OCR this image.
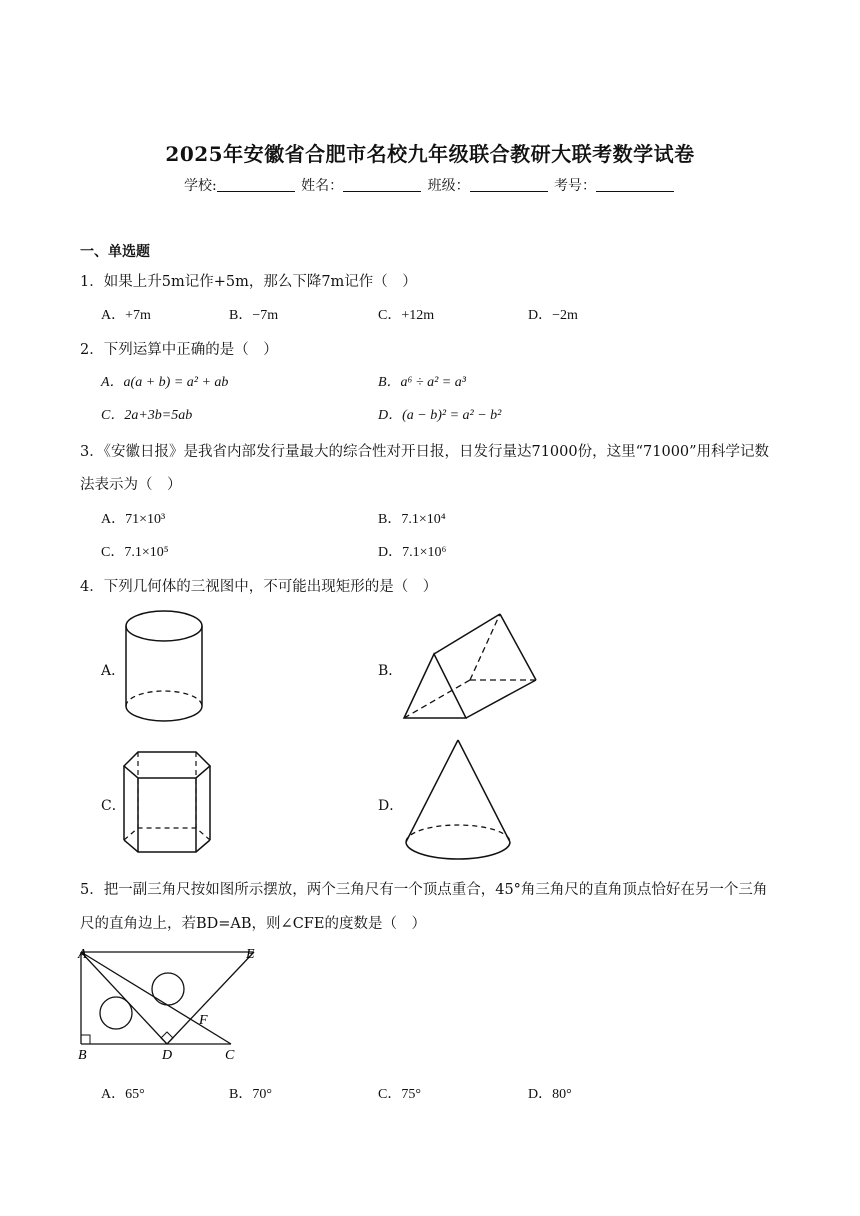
2025年安徽省合肥市名校九年级联合教研大联考数学试卷
学校:	姓名：	班级：	考号：
一、单选题
1．如果上升5m记作+5m，那么下降7m记作（　）
A．+7m	B．−7m	C．+12m	D．−2m
2．下列运算中正确的是（　）
A．a(a + b) = a² + ab	B．a⁶ ÷ a² = a³
C．2a+3b=5ab	D．(a − b)² = a² − b²
3．《安徽日报》是我省内部发行量最大的综合性对开日报，日发行量达71000份，这里“71000”用科学记数
法表示为（　）
A．71×10³	B．7.1×10⁴
C．7.1×10⁵	D．7.1×10⁶
4．下列几何体的三视图中，不可能出现矩形的是（　）
A．	B．
C．	D．
5．把一副三角尺按如图所示摆放，两个三角尺有一个顶点重合，45°角三角尺的直角顶点恰好在另一个三角
尺的直角边上，若BD=AB，则∠CFE的度数是（　）
A	E
F
B	D	C
A．65°	B．70°	C．75°	D．80°
